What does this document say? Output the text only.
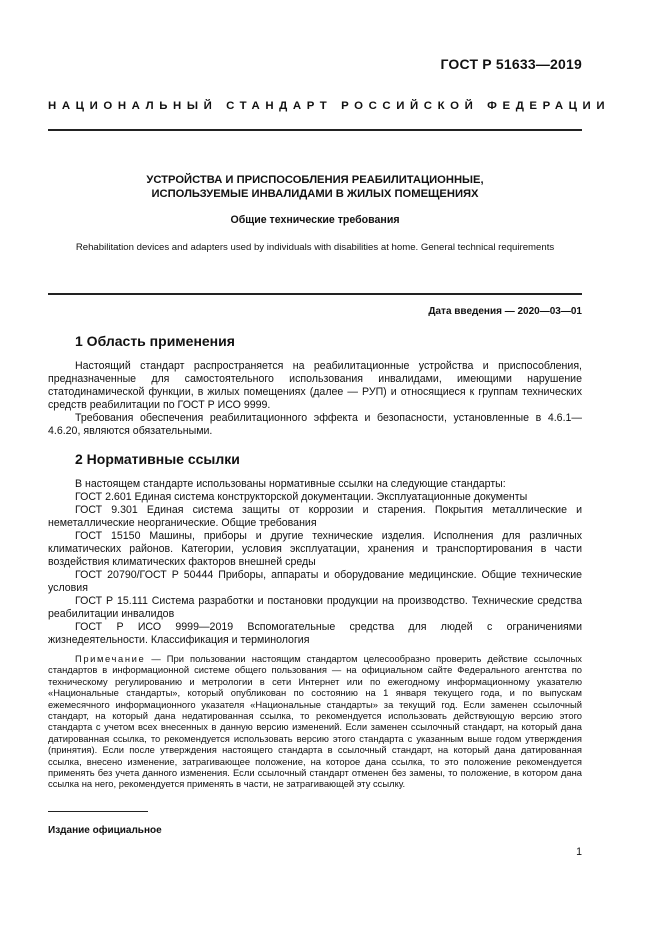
ГОСТ Р 51633—2019
НАЦИОНАЛЬНЫЙ СТАНДАРТ РОССИЙСКОЙ ФЕДЕРАЦИИ
УСТРОЙСТВА И ПРИСПОСОБЛЕНИЯ РЕАБИЛИТАЦИОННЫЕ,
ИСПОЛЬЗУЕМЫЕ ИНВАЛИДАМИ В ЖИЛЫХ ПОМЕЩЕНИЯХ
Общие технические требования
Rehabilitation devices and adapters used by individuals with disabilities at home. General technical requirements
Дата введения — 2020—03—01
1 Область применения

Настоящий стандарт распространяется на реабилитационные устройства и приспособления, предназначенные для самостоятельного использования инвалидами, имеющими нарушение статодинамической функции, в жилых помещениях (далее — РУП) и относящиеся к группам технических средств реабилитации по ГОСТ Р ИСО 9999.

Требования обеспечения реабилитационного эффекта и безопасности, установленные в 4.6.1—4.6.20, являются обязательными.

2 Нормативные ссылки

В настоящем стандарте использованы нормативные ссылки на следующие стандарты:

ГОСТ 2.601 Единая система конструкторской документации. Эксплуатационные документы

ГОСТ 9.301 Единая система защиты от коррозии и старения. Покрытия металлические и неметаллические неорганические. Общие требования

ГОСТ 15150 Машины, приборы и другие технические изделия. Исполнения для различных климатических районов. Категории, условия эксплуатации, хранения и транспортирования в части воздействия климатических факторов внешней среды

ГОСТ 20790/ГОСТ Р 50444 Приборы, аппараты и оборудование медицинские. Общие технические условия

ГОСТ Р 15.111 Система разработки и постановки продукции на производство. Технические средства реабилитации инвалидов

ГОСТ Р ИСО 9999—2019 Вспомогательные средства для людей с ограничениями жизнедеятельности. Классификация и терминология

Примечание — При пользовании настоящим стандартом целесообразно проверить действие ссылочных стандартов в информационной системе общего пользования — на официальном сайте Федерального агентства по техническому регулированию и метрологии в сети Интернет или по ежегодному информационному указателю «Национальные стандарты», который опубликован по состоянию на 1 января текущего года, и по выпускам ежемесячного информационного указателя «Национальные стандарты» за текущий год. Если заменен ссылочный стандарт, на который дана недатированная ссылка, то рекомендуется использовать действующую версию этого стандарта с учетом всех внесенных в данную версию изменений. Если заменен ссылочный стандарт, на который дана датированная ссылка, то рекомендуется использовать версию этого стандарта с указанным выше годом утверждения (принятия). Если после утверждения настоящего стандарта в ссылочный стандарт, на который дана датированная ссылка, внесено изменение, затрагивающее положение, на которое дана ссылка, то это положение рекомендуется применять без учета данного изменения. Если ссылочный стандарт отменен без замены, то положение, в котором дана ссылка на него, рекомендуется применять в части, не затрагивающей эту ссылку.
Издание официальное
1
